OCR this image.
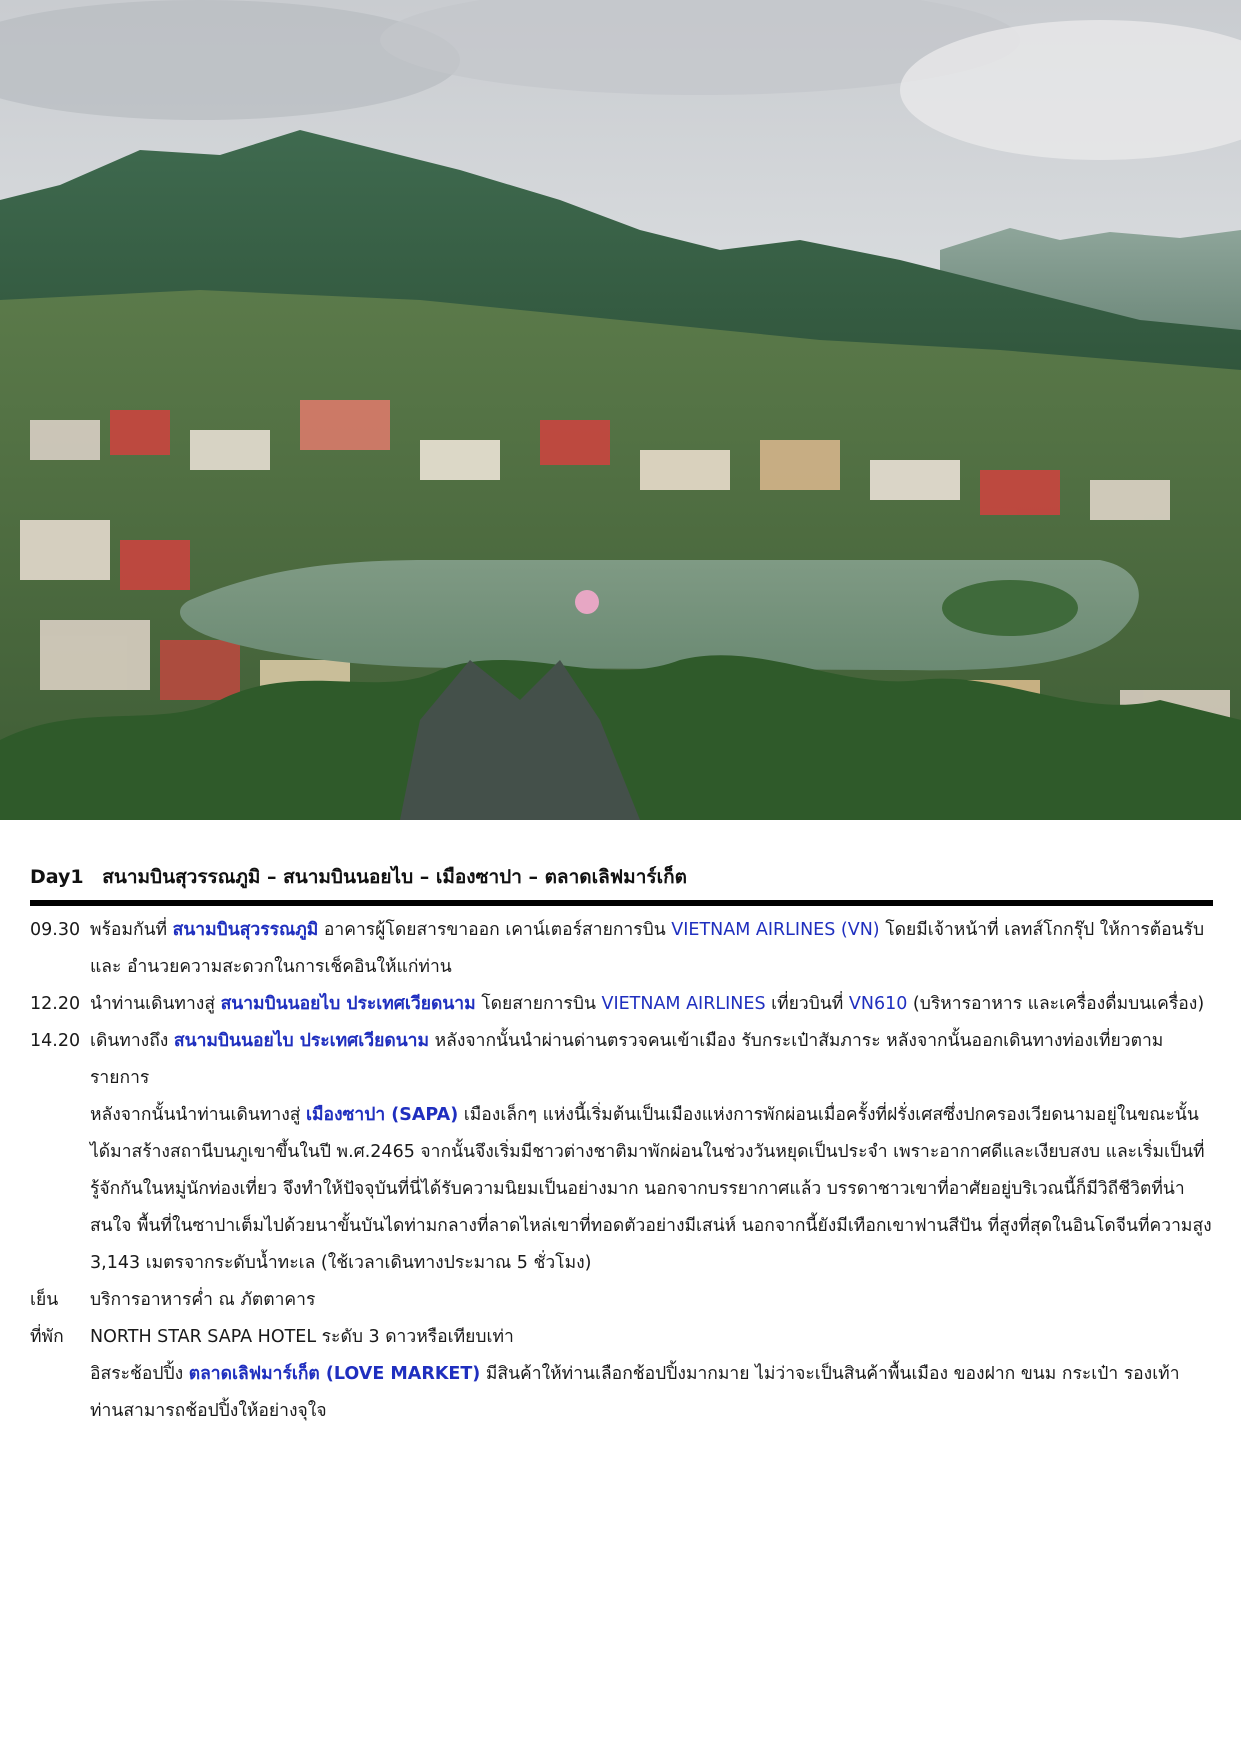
Day1 สนามบินสุวรรณภูมิ – สนามบินนอยไบ – เมืองซาปา – ตลาดเลิฟมาร์เก็ต
09.30 พร้อมกันที่ สนามบินสุวรรณภูมิ อาคารผู้โดยสารขาออก เคาน์เตอร์สายการบิน VIETNAM AIRLINES (VN) โดยมีเจ้าหน้าที่ เลทส์โกกรุ๊ป ให้การต้อนรับ และ อำนวยความสะดวกในการเช็คอินให้แก่ท่าน
12.20 นำท่านเดินทางสู่ สนามบินนอยไบ ประเทศเวียดนาม โดยสายการบิน VIETNAM AIRLINES เที่ยวบินที่ VN610 (บริหารอาหาร และเครื่องดื่มบนเครื่อง)
14.20 เดินทางถึง สนามบินนอยไบ ประเทศเวียดนาม หลังจากนั้นนำผ่านด่านตรวจคนเข้าเมือง รับกระเป๋าสัมภาระ หลังจากนั้นออกเดินทางท่องเที่ยวตามรายการ
หลังจากนั้นนำท่านเดินทางสู่ เมืองซาปา (SAPA) เมืองเล็กๆ แห่งนี้เริ่มต้นเป็นเมืองแห่งการพักผ่อนเมื่อครั้งที่ฝรั่งเศสซึ่งปกครองเวียดนามอยู่ในขณะนั้นได้มาสร้างสถานีบนภูเขาขึ้นในปี พ.ศ.2465 จากนั้นจึงเริ่มมีชาวต่างชาติมาพักผ่อนในช่วงวันหยุดเป็นประจำ เพราะอากาศดีและเงียบสงบ และเริ่มเป็นที่รู้จักกันในหมู่นักท่องเที่ยว จึงทำให้ปัจจุบันที่นี่ได้รับความนิยมเป็นอย่างมาก นอกจากบรรยากาศแล้ว บรรดาชาวเขาที่อาศัยอยู่บริเวณนี้ก็มีวิถีชีวิตที่น่าสนใจ พื้นที่ในซาปาเต็มไปด้วยนาขั้นบันไดท่ามกลางที่ลาดไหล่เขาที่ทอดตัวอย่างมีเสน่ห์ นอกจากนี้ยังมีเทือกเขาฟานสีปัน ที่สูงที่สุดในอินโดจีนที่ความสูง 3,143 เมตรจากระดับน้ำทะเล (ใช้เวลาเดินทางประมาณ 5 ชั่วโมง)
เย็น	บริการอาหารค่ำ ณ ภัตตาคาร
ที่พัก	NORTH STAR SAPA HOTEL ระดับ 3 ดาวหรือเทียบเท่า
อิสระช้อปปิ้ง ตลาดเลิฟมาร์เก็ต (LOVE MARKET) มีสินค้าให้ท่านเลือกช้อปปิ้งมากมาย ไม่ว่าจะเป็นสินค้าพื้นเมือง ของฝาก ขนม กระเป๋า รองเท้า ท่านสามารถช้อปปิ้งให้อย่างจุใจ
